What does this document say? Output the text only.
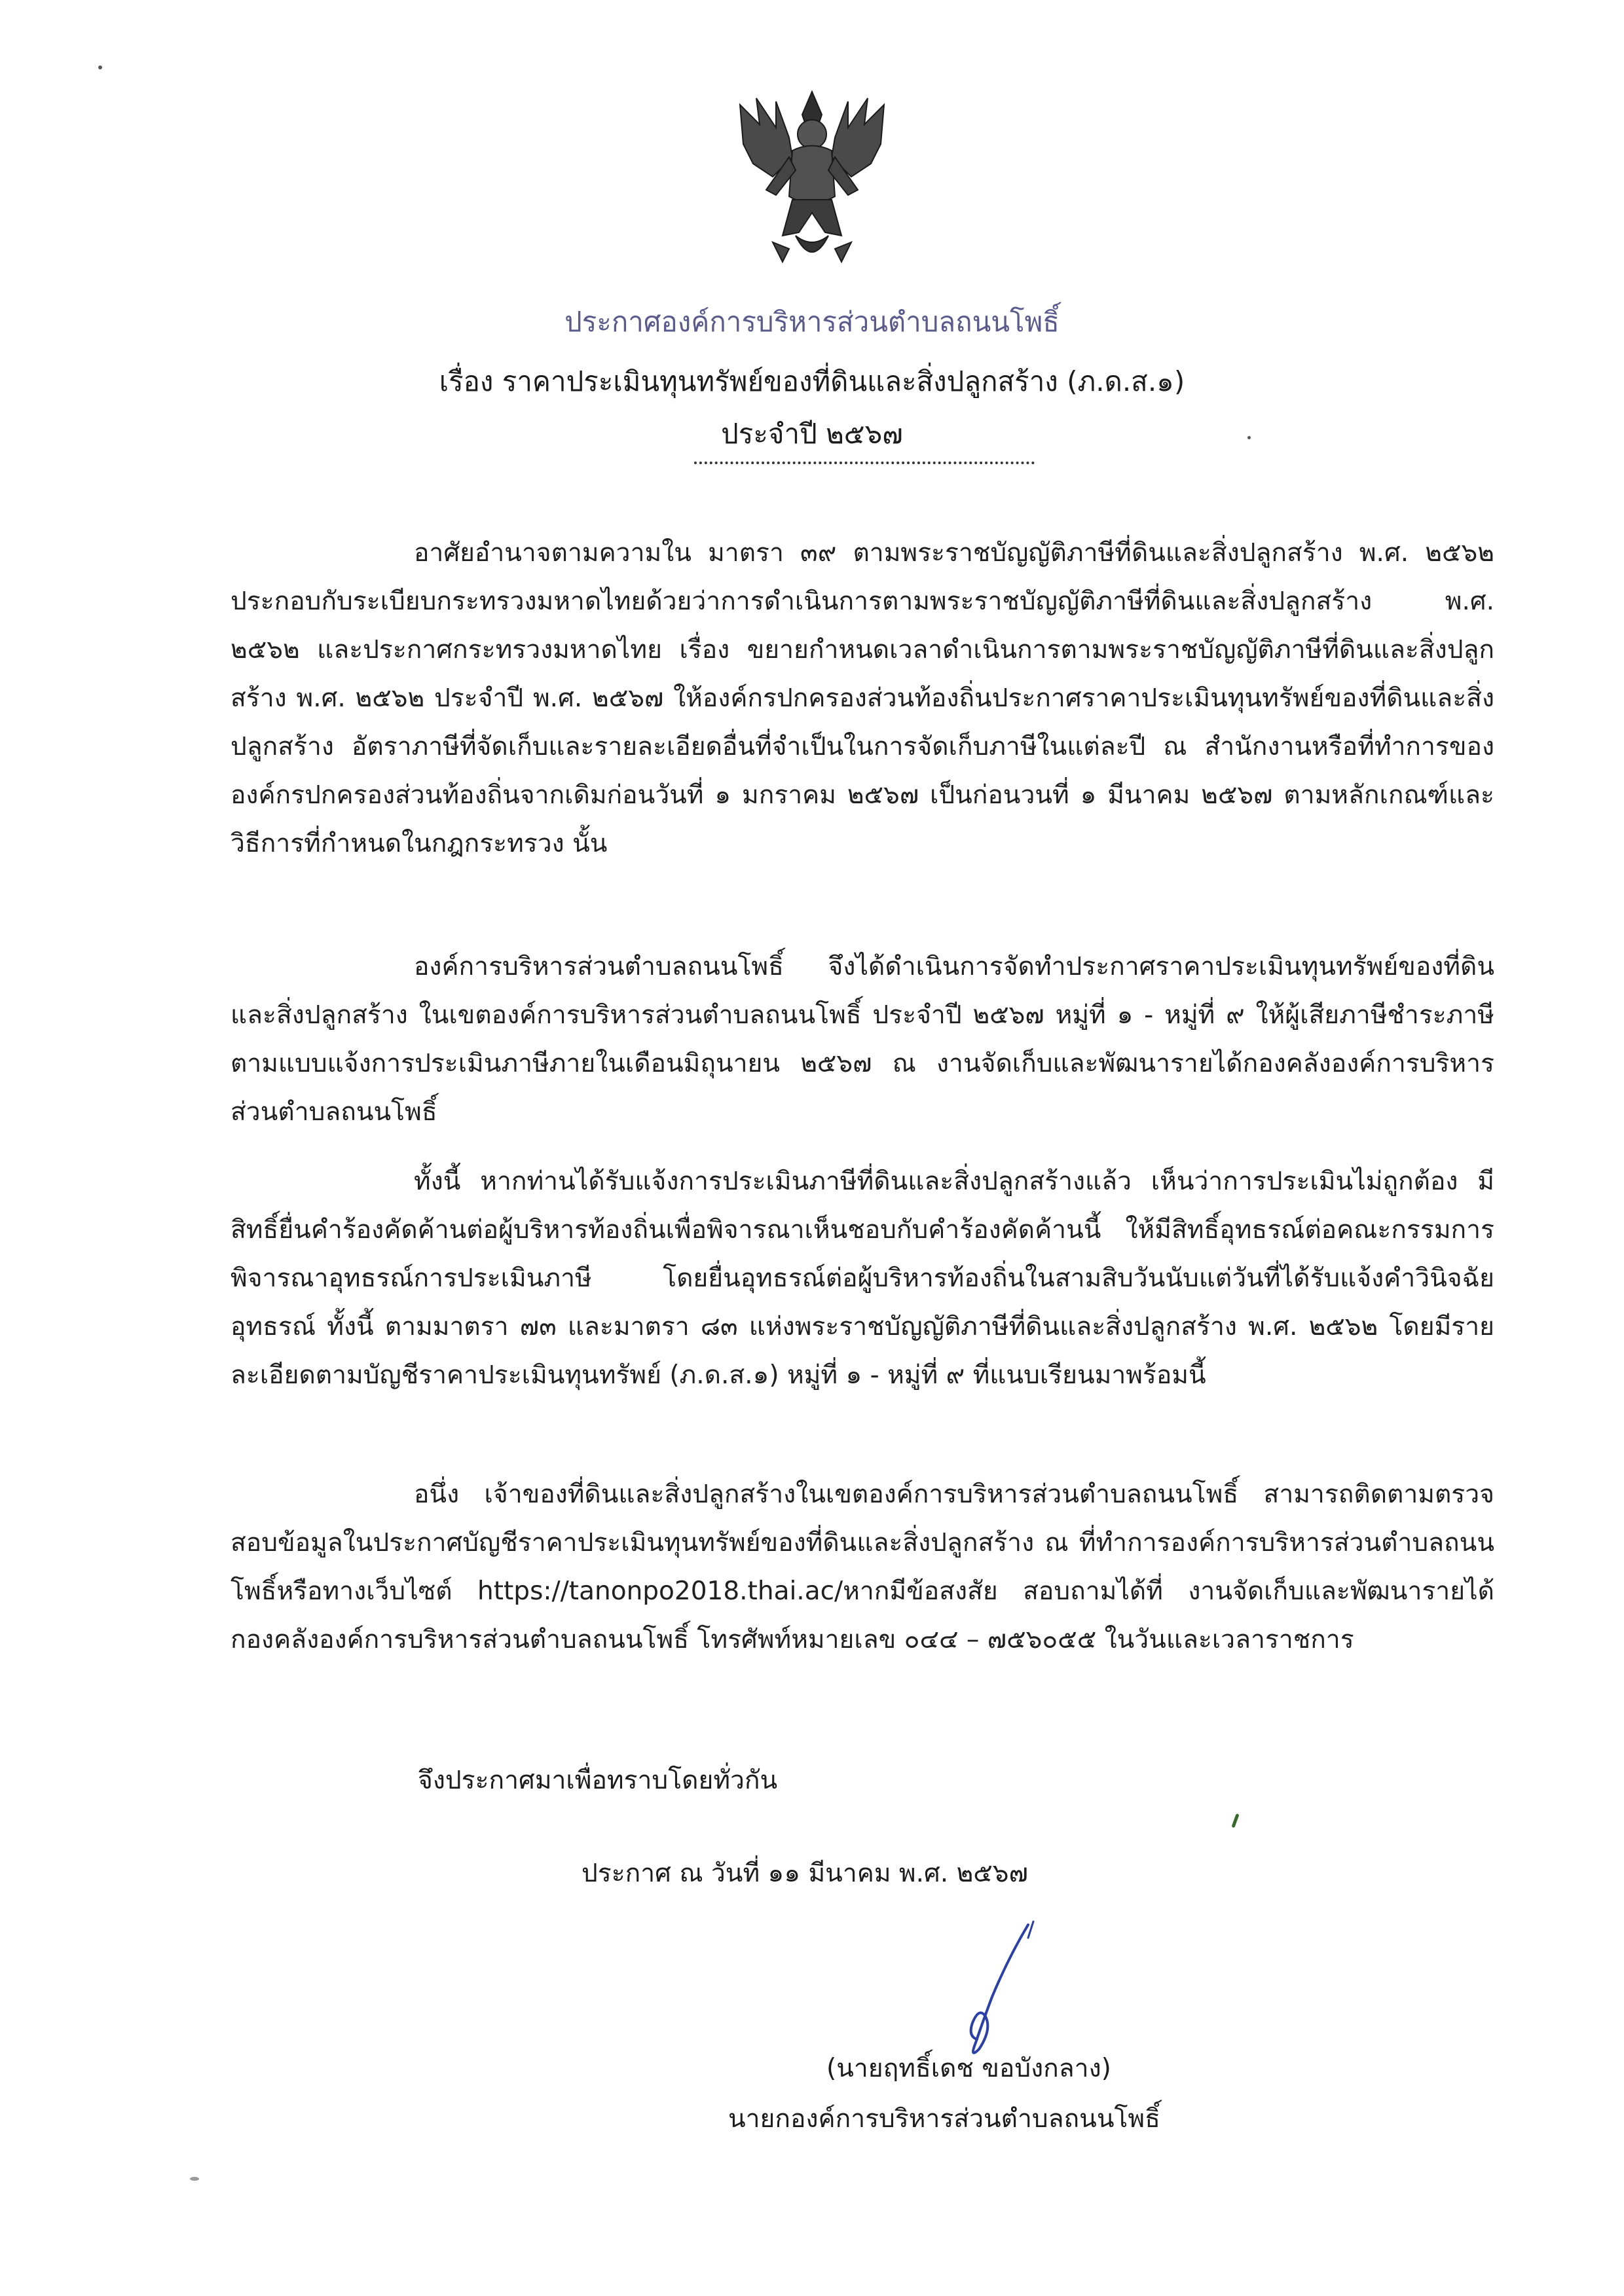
ประกาศองค์การบริหารส่วนตำบลถนนโพธิ์
เรื่อง ราคาประเมินทุนทรัพย์ของที่ดินและสิ่งปลูกสร้าง (ภ.ด.ส.๑)
ประจำปี ๒๕๖๗
อาศัยอำนาจตามความใน มาตรา ๓๙ ตามพระราชบัญญัติภาษีที่ดินและสิ่งปลูกสร้าง พ.ศ. ๒๕๖๒ ประกอบกับระเบียบกระทรวงมหาดไทยด้วยว่าการดำเนินการตามพระราชบัญญัติภาษีที่ดินและสิ่งปลูกสร้าง พ.ศ. ๒๕๖๒ และประกาศกระทรวงมหาดไทย เรื่อง ขยายกำหนดเวลาดำเนินการตามพระราชบัญญัติภาษีที่ดินและสิ่งปลูกสร้าง พ.ศ. ๒๕๖๒ ประจำปี พ.ศ. ๒๕๖๗ ให้องค์กรปกครองส่วนท้องถิ่นประกาศราคาประเมินทุนทรัพย์ของที่ดินและสิ่งปลูกสร้าง อัตราภาษีที่จัดเก็บและรายละเอียดอื่นที่จำเป็นในการจัดเก็บภาษีในแต่ละปี ณ สำนักงานหรือที่ทำการขององค์กรปกครองส่วนท้องถิ่นจากเดิมก่อนวันที่ ๑ มกราคม ๒๕๖๗ เป็นก่อนวนที่ ๑ มีนาคม ๒๕๖๗ ตามหลักเกณฑ์และวิธีการที่กำหนดในกฎกระทรวง นั้น
องค์การบริหารส่วนตำบลถนนโพธิ์ จึงได้ดำเนินการจัดทำประกาศราคาประเมินทุนทรัพย์ของที่ดินและสิ่งปลูกสร้าง ในเขตองค์การบริหารส่วนตำบลถนนโพธิ์ ประจำปี ๒๕๖๗ หมู่ที่ ๑ - หมู่ที่ ๙ ให้ผู้เสียภาษีชำระภาษีตามแบบแจ้งการประเมินภาษีภายในเดือนมิถุนายน ๒๕๖๗ ณ งานจัดเก็บและพัฒนารายได้กองคลังองค์การบริหารส่วนตำบลถนนโพธิ์
ทั้งนี้ หากท่านได้รับแจ้งการประเมินภาษีที่ดินและสิ่งปลูกสร้างแล้ว เห็นว่าการประเมินไม่ถูกต้อง มีสิทธิ์ยื่นคำร้องคัดค้านต่อผู้บริหารท้องถิ่นเพื่อพิจารณาเห็นชอบกับคำร้องคัดค้านนี้ ให้มีสิทธิ์อุทธรณ์ต่อคณะกรรมการพิจารณาอุทธรณ์การประเมินภาษี โดยยื่นอุทธรณ์ต่อผู้บริหารท้องถิ่นในสามสิบวันนับแต่วันที่ได้รับแจ้งคำวินิจฉัยอุทธรณ์ ทั้งนี้ ตามมาตรา ๗๓ และมาตรา ๘๓ แห่งพระราชบัญญัติภาษีที่ดินและสิ่งปลูกสร้าง พ.ศ. ๒๕๖๒ โดยมีรายละเอียดตามบัญชีราคาประเมินทุนทรัพย์ (ภ.ด.ส.๑) หมู่ที่ ๑ - หมู่ที่ ๙ ที่แนบเรียนมาพร้อมนี้
อนึ่ง เจ้าของที่ดินและสิ่งปลูกสร้างในเขตองค์การบริหารส่วนตำบลถนนโพธิ์ สามารถติดตามตรวจสอบข้อมูลในประกาศบัญชีราคาประเมินทุนทรัพย์ของที่ดินและสิ่งปลูกสร้าง ณ ที่ทำการองค์การบริหารส่วนตำบลถนนโพธิ์หรือทางเว็บไซต์ https://tanonpo2018.thai.ac/หากมีข้อสงสัย สอบถามได้ที่ งานจัดเก็บและพัฒนารายได้ กองคลังองค์การบริหารส่วนตำบลถนนโพธิ์ โทรศัพท์หมายเลข ๐๔๔ – ๗๕๖๐๕๕ ในวันและเวลาราชการ
จึงประกาศมาเพื่อทราบโดยทั่วกัน
ประกาศ ณ วันที่ ๑๑ มีนาคม พ.ศ. ๒๕๖๗
(นายฤทธิ์เดช ขอบังกลาง)
นายกองค์การบริหารส่วนตำบลถนนโพธิ์
